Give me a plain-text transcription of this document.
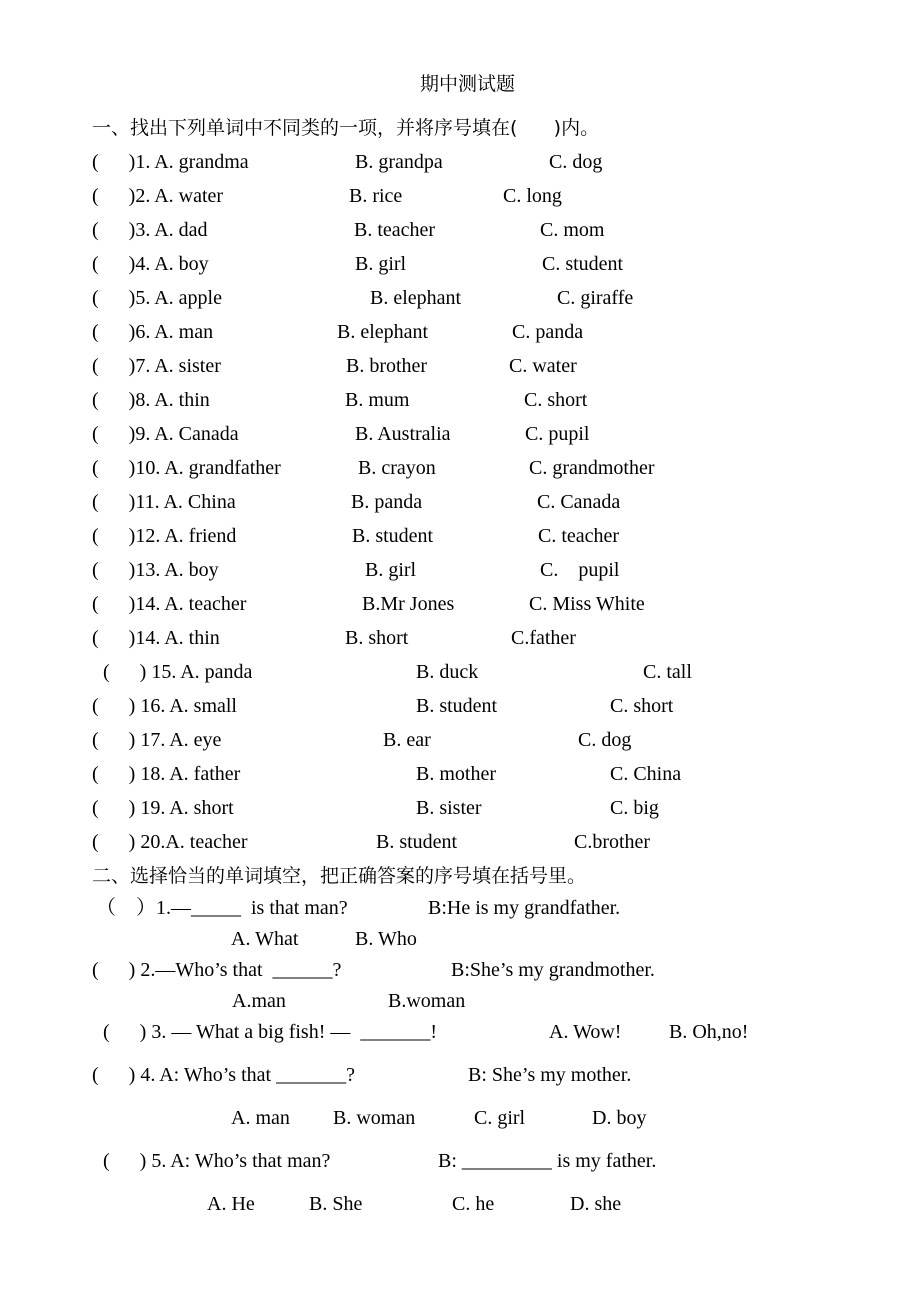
期中测试题
一、找出下列单词中不同类的一项，并将序号填在(      )内。
(      )1. A. grandma	B. grandpa	C. dog
(      )2. A. water	B. rice	C. long
(      )3. A. dad	B. teacher	C. mom
(      )4. A. boy	B. girl	C. student
(      )5. A. apple	B. elephant	C. giraffe
(      )6. A. man	B. elephant	C. panda
(      )7. A. sister	B. brother	C. water
(      )8. A. thin	B. mum	C. short
(      )9. A. Canada	B. Australia	C. pupil
(      )10. A. grandfather	B. crayon	C. grandmother
(      )11. A. China	B. panda	C. Canada
(      )12. A. friend	B. student	C. teacher
(      )13. A. boy	B. girl	C.    pupil
(      )14. A. teacher	B.Mr Jones	C. Miss White
(      )14. A. thin	B. short	C.father
(      ) 15. A. panda	B. duck	C. tall
(      ) 16. A. small	B. student	C. short
(      ) 17. A. eye	B. ear	C. dog
(      ) 18. A. father	B. mother	C. China
(      ) 19. A. short	B. sister	C. big
(      ) 20.A. teacher	B. student	C.brother
二、选择恰当的单词填空，把正确答案的序号填在括号里。
（    ）1.—_____  is that man?	B:He is my grandfather.
A. What	B. Who
(      ) 2.—Who’s that  ______?	B:She’s my grandmother.
A.man	B.woman
(      ) 3. — What a big fish! —  _______!	A. Wow! B. Oh,no!
(      ) 4. A: Who’s that _______?	B: She’s my mother.
A. man B. woman	C. girl	D. boy
(      ) 5. A: Who’s that man?	B: _________ is my father.
A. He	B. She	C. he	D. she
